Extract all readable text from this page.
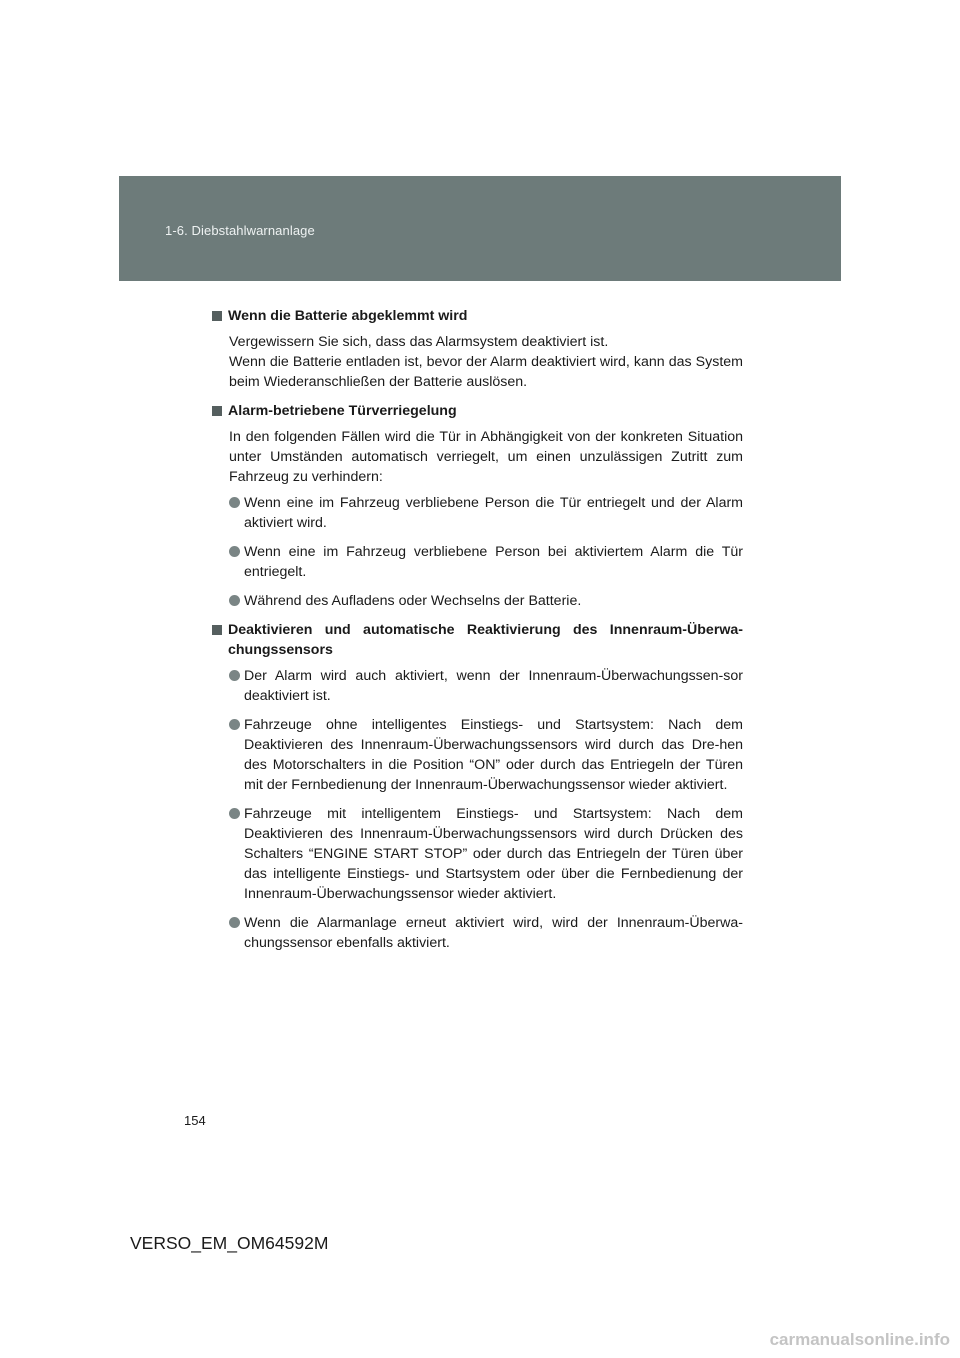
1-6. Diebstahlwarnanlage
Wenn die Batterie abgeklemmt wird
Vergewissern Sie sich, dass das Alarmsystem deaktiviert ist.
Wenn die Batterie entladen ist, bevor der Alarm deaktiviert wird, kann das System beim Wiederanschließen der Batterie auslösen.
Alarm-betriebene Türverriegelung
In den folgenden Fällen wird die Tür in Abhängigkeit von der konkreten Situation unter Umständen automatisch verriegelt, um einen unzulässigen Zutritt zum Fahrzeug zu verhindern:
Wenn eine im Fahrzeug verbliebene Person die Tür entriegelt und der Alarm aktiviert wird.
Wenn eine im Fahrzeug verbliebene Person bei aktiviertem Alarm die Tür entriegelt.
Während des Aufladens oder Wechselns der Batterie.
Deaktivieren und automatische Reaktivierung des Innenraum-Überwa-chungssensors
Der Alarm wird auch aktiviert, wenn der Innenraum-Überwachungssen-sor deaktiviert ist.
Fahrzeuge ohne intelligentes Einstiegs- und Startsystem: Nach dem Deaktivieren des Innenraum-Überwachungssensors wird durch das Dre-hen des Motorschalters in die Position “ON” oder durch das Entriegeln der Türen mit der Fernbedienung der Innenraum-Überwachungssensor wieder aktiviert.
Fahrzeuge mit intelligentem Einstiegs- und Startsystem: Nach dem Deaktivieren des Innenraum-Überwachungssensors wird durch Drücken des Schalters “ENGINE START STOP” oder durch das Entriegeln der Türen über das intelligente Einstiegs- und Startsystem oder über die Fernbedienung der Innenraum-Überwachungssensor wieder aktiviert.
Wenn die Alarmanlage erneut aktiviert wird, wird der Innenraum-Überwa-chungssensor ebenfalls aktiviert.
154
VERSO_EM_OM64592M
carmanualsonline.info
